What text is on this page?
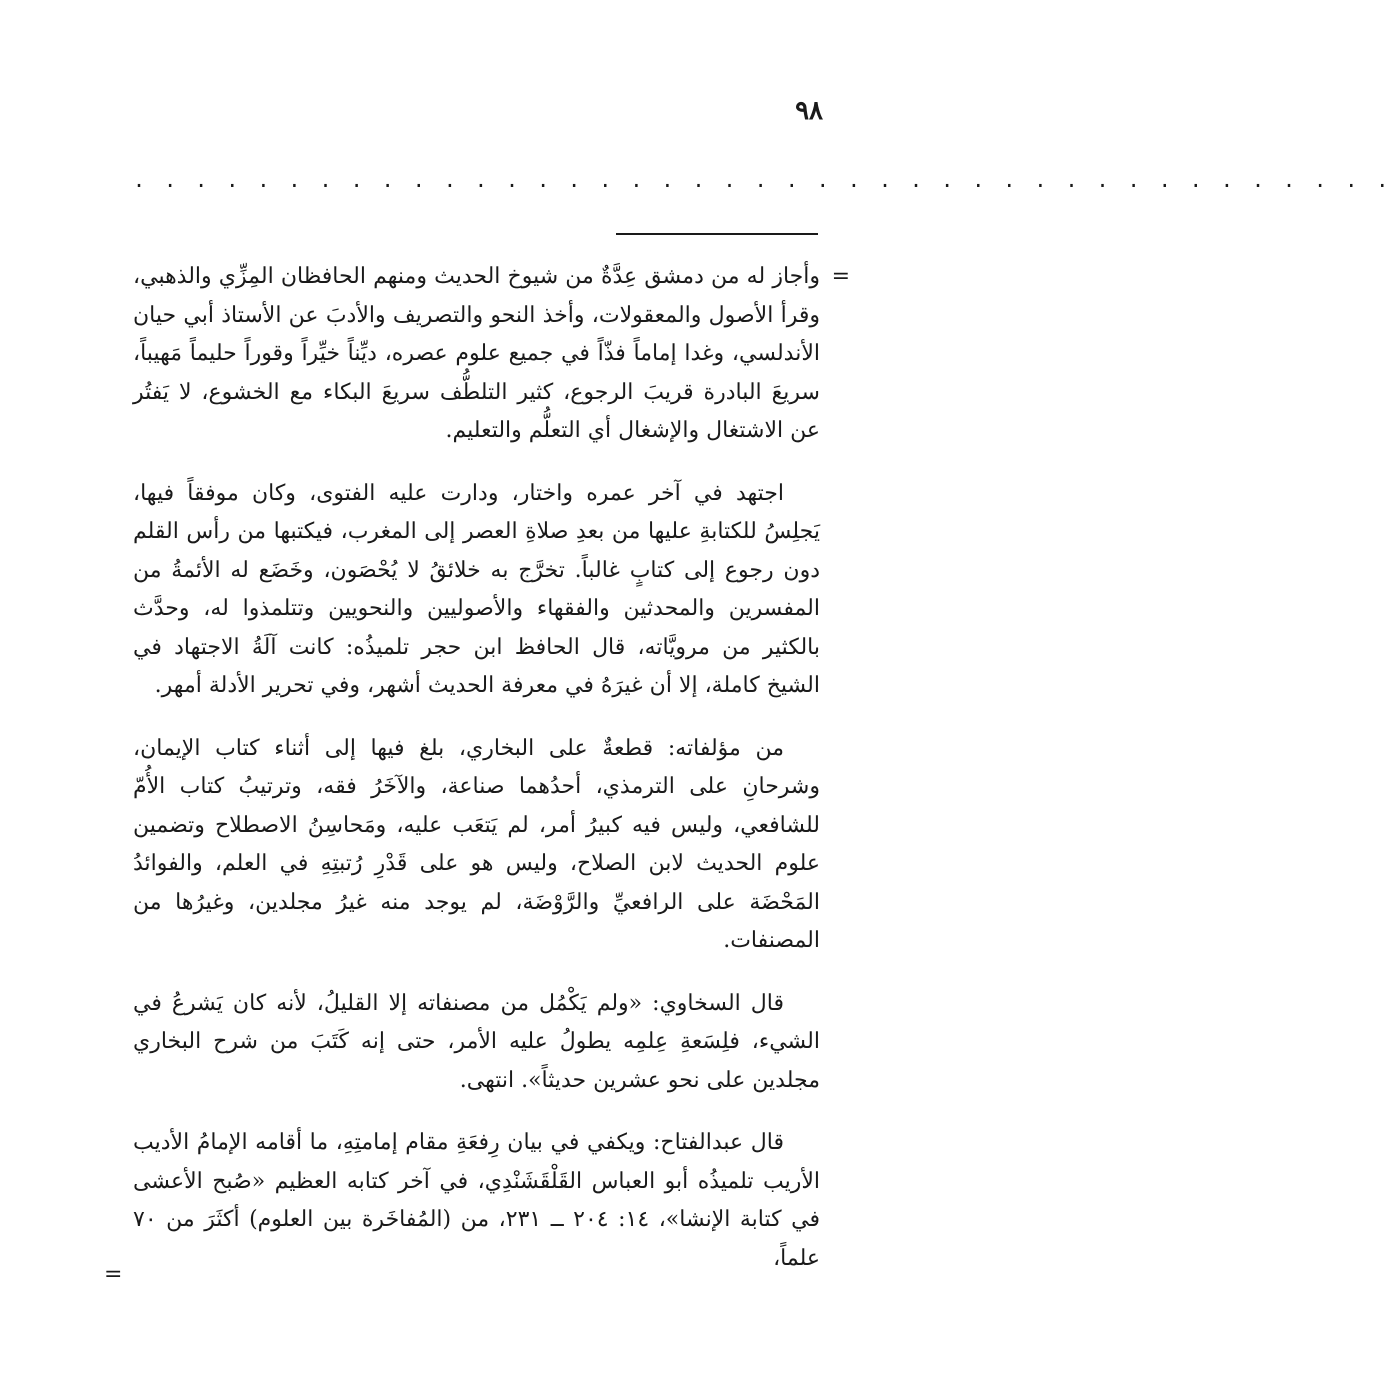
٩٨
. . . . . . . . . . . . . . . . . . . . . . . . . . . . . . . . . . . . . . . . .
=

وأجاز له من دمشق عِدَّةٌ من شيوخ الحديث ومنهم الحافظان المِزِّي والذهبي، وقرأ الأصول والمعقولات، وأخذ النحو والتصريف والأدبَ عن الأستاذ أبي حيان الأندلسي، وغدا إماماً فذّاً في جميع علوم عصره، ديِّناً خيِّراً وقوراً حليماً مَهيباً، سريعَ البادرة قريبَ الرجوع، كثير التلطُّف سريعَ البكاء مع الخشوع، لا يَفتُر عن الاشتغال والإشغال أي التعلُّم والتعليم.

اجتهد في آخر عمره واختار، ودارت عليه الفتوى، وكان موفقاً فيها، يَجلِسُ للكتابةِ عليها من بعدِ صلاةِ العصر إلى المغرب، فيكتبها من رأس القلم دون رجوع إلى كتابٍ غالباً. تخرَّج به خلائقُ لا يُحْصَون، وخَضَع له الأئمةُ من المفسرين والمحدثين والفقهاء والأصوليين والنحويين وتتلمذوا له، وحدَّث بالكثير من مرويَّاته، قال الحافظ ابن حجر تلميذُه: كانت آلَةُ الاجتهاد في الشيخ كاملة، إلا أن غيرَهُ في معرفة الحديث أشهر، وفي تحرير الأدلة أمهر.

من مؤلفاته: قطعةٌ على البخاري، بلغ فيها إلى أثناء كتاب الإيمان، وشرحانِ على الترمذي، أحدُهما صناعة، والآخَرُ فقه، وترتيبُ كتاب الأُمّ للشافعي، وليس فيه كبيرُ أمر، لم يَتعَب عليه، ومَحاسِنُ الاصطلاح وتضمين علوم الحديث لابن الصلاح، وليس هو على قَدْرِ رُتبتِهِ في العلم، والفوائدُ المَحْضَة على الرافعيِّ والرَّوْضَة، لم يوجد منه غيرُ مجلدين، وغيرُها من المصنفات.

قال السخاوي: «ولم يَكْمُل من مصنفاته إلا القليلُ، لأنه كان يَشرعُ في الشيء، فلِسَعةِ عِلمِه يطولُ عليه الأمر، حتى إنه كَتَبَ من شرح البخاري مجلدين على نحو عشرين حديثاً». انتهى.

قال عبدالفتاح: ويكفي في بيان رِفعَةِ مقام إمامتِهِ، ما أقامه الإمامُ الأديب الأريب تلميذُه أبو العباس القَلْقَشَنْدِي، في آخر كتابه العظيم «صُبح الأعشى في كتابة الإنشا»، ١٤: ٢٠٤ ــ ٢٣١، من (المُفاخَرة بين العلوم) أكثَرَ من ٧٠ علماً،

=
